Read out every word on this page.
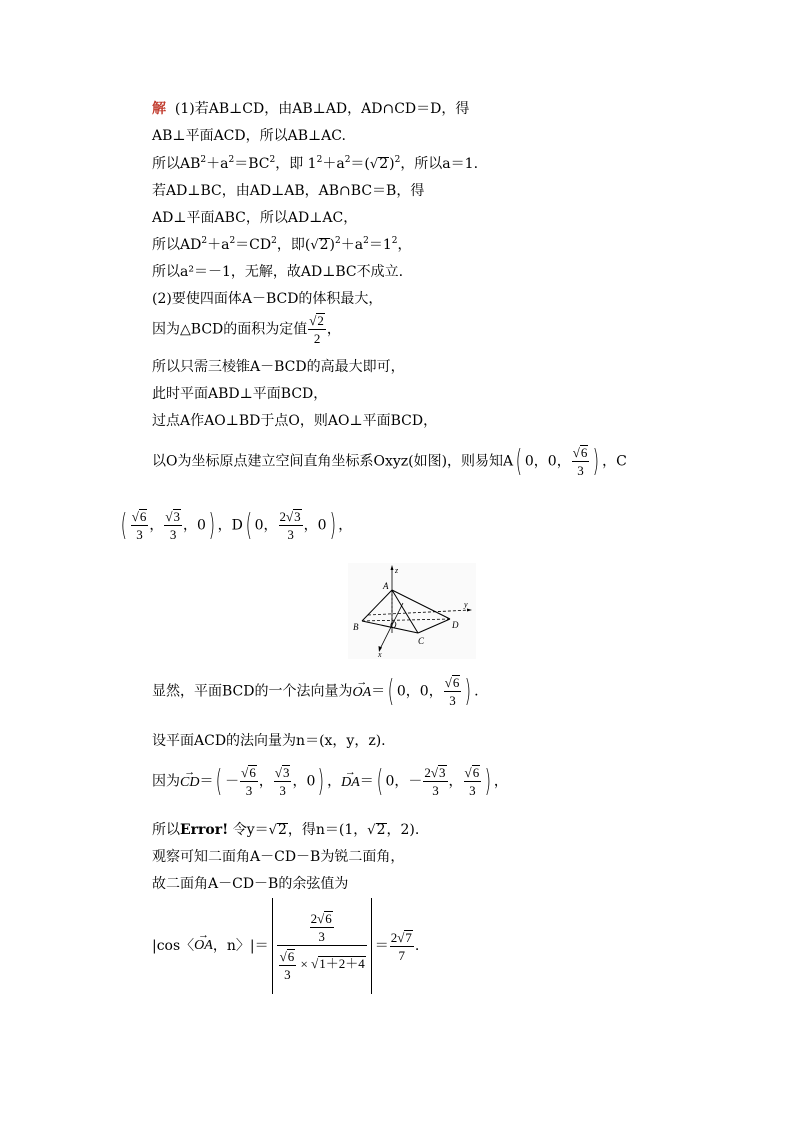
解 (1)若AB⊥CD，由AB⊥AD，AD∩CD＝D，得
AB⊥平面ACD，所以AB⊥AC.
所以$AB^2+a^2=BC^2$，即 $1^2+a^2=(√2)^2$，所以a＝1.
若AD⊥BC，由AD⊥AB，AB∩BC＝B，得
AD⊥平面ABC，所以AD⊥AC，
所以$AD^2+a^2=CD^2$，即$(√2)^2+a^2=1^2$，
所以a²＝－1，无解，故AD⊥BC不成立.
(2)要使四面体A－BCD的体积最大，
因为△BCD的面积为定值 $\frac{√2}{2}$ ，
所以只需三棱锥A－BCD的高最大即可，
此时平面ABD⊥平面BCD，
过点A作AO⊥BD于点O，则AO⊥平面BCD，
以O为坐标原点建立空间直角坐标系Oxyz(如图)，则易知A( 0，0， $\frac{√6}{3}$ ) ，C
( $\frac{√6}{3}$ ， $\frac{√3}{3}$ ，0) ，D( 0， $\frac{2√3}{3}$ ，0) ，
A
B
C
D
O
x
y
z
显然，平面BCD的一个法向量为→ OA＝( 0，0， $\frac{√6}{3}$ ) .
设平面ACD的法向量为n＝(x，y，z).
因为→ $CD=( - \frac{√6}{3}$ ， $\frac{√3}{3}$ ，0) ，→ DA＝( 0，－ $\frac{2√3}{3}$ ， $\frac{√6}{3}$ ) ，
所以Error! 令y＝√2，得n＝(1，√2，2).
观察可知二面角A－CD－B为锐二面角，
故二面角A－CD－B的余弦值为
|cos〈→ OA，n〉|＝ $\frac{\frac{2√6}{3}}{\frac{√6}{3} \times √1+2+4} = \frac{2√7}{7}$ .
